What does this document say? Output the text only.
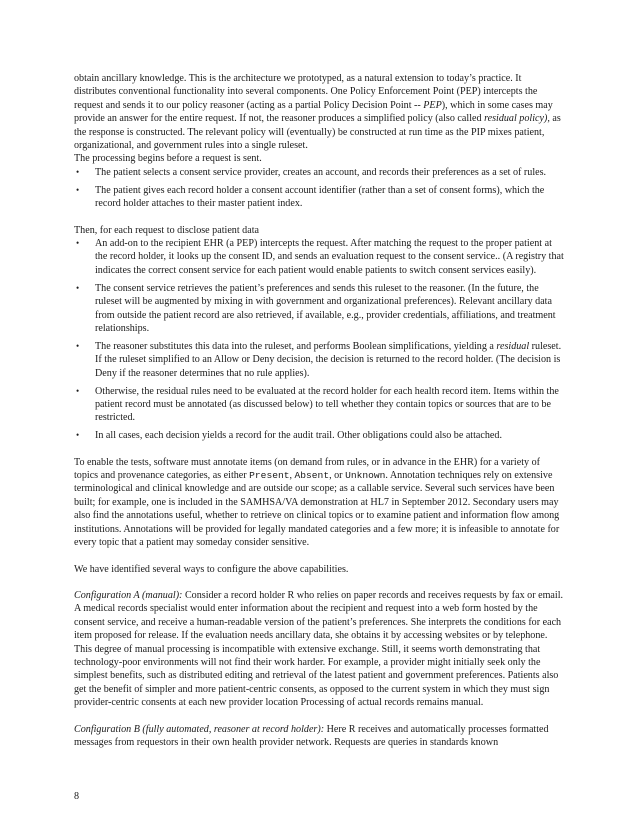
obtain ancillary knowledge. This is the architecture we prototyped, as a natural extension to today’s practice. It distributes conventional functionality into several components. One Policy Enforcement Point (PEP) intercepts the request and sends it to our policy reasoner (acting as a partial Policy Decision Point -- PEP), which in some cases may provide an answer for the entire request. If not, the reasoner produces a simplified policy (also called residual policy), as the response is constructed. The relevant policy will (eventually) be constructed at run time as the PIP mixes patient, organizational, and government rules into a single ruleset.

The processing begins before a request is sent.

• The patient selects a consent service provider, creates an account, and records their preferences as a set of rules.
• The patient gives each record holder a consent account identifier (rather than a set of consent forms), which the record holder attaches to their master patient index.

Then, for each request to disclose patient data

• An add-on to the recipient EHR (a PEP) intercepts the request. After matching the request to the proper patient at the record holder, it looks up the consent ID, and sends an evaluation request to the consent service.. (A registry that indicates the correct consent service for each patient would enable patients to switch consent services easily).
• The consent service retrieves the patient’s preferences and sends this ruleset to the reasoner. (In the future, the ruleset will be augmented by mixing in with government and organizational preferences). Relevant ancillary data from outside the patient record are also retrieved, if available, e.g., provider credentials, affiliations, and treatment relationships.
• The reasoner substitutes this data into the ruleset, and performs Boolean simplifications, yielding a residual ruleset. If the ruleset simplified to an Allow or Deny decision, the decision is returned to the record holder. (The decision is Deny if the reasoner determines that no rule applies).
• Otherwise, the residual rules need to be evaluated at the record holder for each health record item. Items within the patient record must be annotated (as discussed below) to tell whether they contain topics or sources that are to be restricted.
• In all cases, each decision yields a record for the audit trail. Other obligations could also be attached.

To enable the tests, software must annotate items (on demand from rules, or in advance in the EHR) for a variety of topics and provenance categories, as either Present, Absent, or Unknown. Annotation techniques rely on extensive terminological and clinical knowledge and are outside our scope; as a callable service. Several such services have been built; for example, one is included in the SAMHSA/VA demonstration at HL7 in September 2012. Secondary users may also find the annotations useful, whether to retrieve on clinical topics or to examine patient and information flow among institutions. Annotations will be provided for legally mandated categories and a few more; it is infeasible to annotate for every topic that a patient may someday consider sensitive.

We have identified several ways to configure the above capabilities.

Configuration A (manual): Consider a record holder R who relies on paper records and receives requests by fax or email. A medical records specialist would enter information about the recipient and request into a web form hosted by the consent service, and receive a human-readable version of the patient’s preferences. She interprets the conditions for each item proposed for release. If the evaluation needs ancillary data, she obtains it by accessing websites or by telephone.

This degree of manual processing is incompatible with extensive exchange. Still, it seems worth demonstrating that technology-poor environments will not find their work harder. For example, a provider might initially seek only the simplest benefits, such as distributed editing and retrieval of the latest patient and government preferences. Patients also get the benefit of simpler and more patient-centric consents, as opposed to the current system in which they must sign provider-centric consents at each new provider location Processing of actual records remains manual.

Configuration B (fully automated, reasoner at record holder): Here R receives and automatically processes formatted messages from requestors in their own health provider network. Requests are queries in standards known

8
